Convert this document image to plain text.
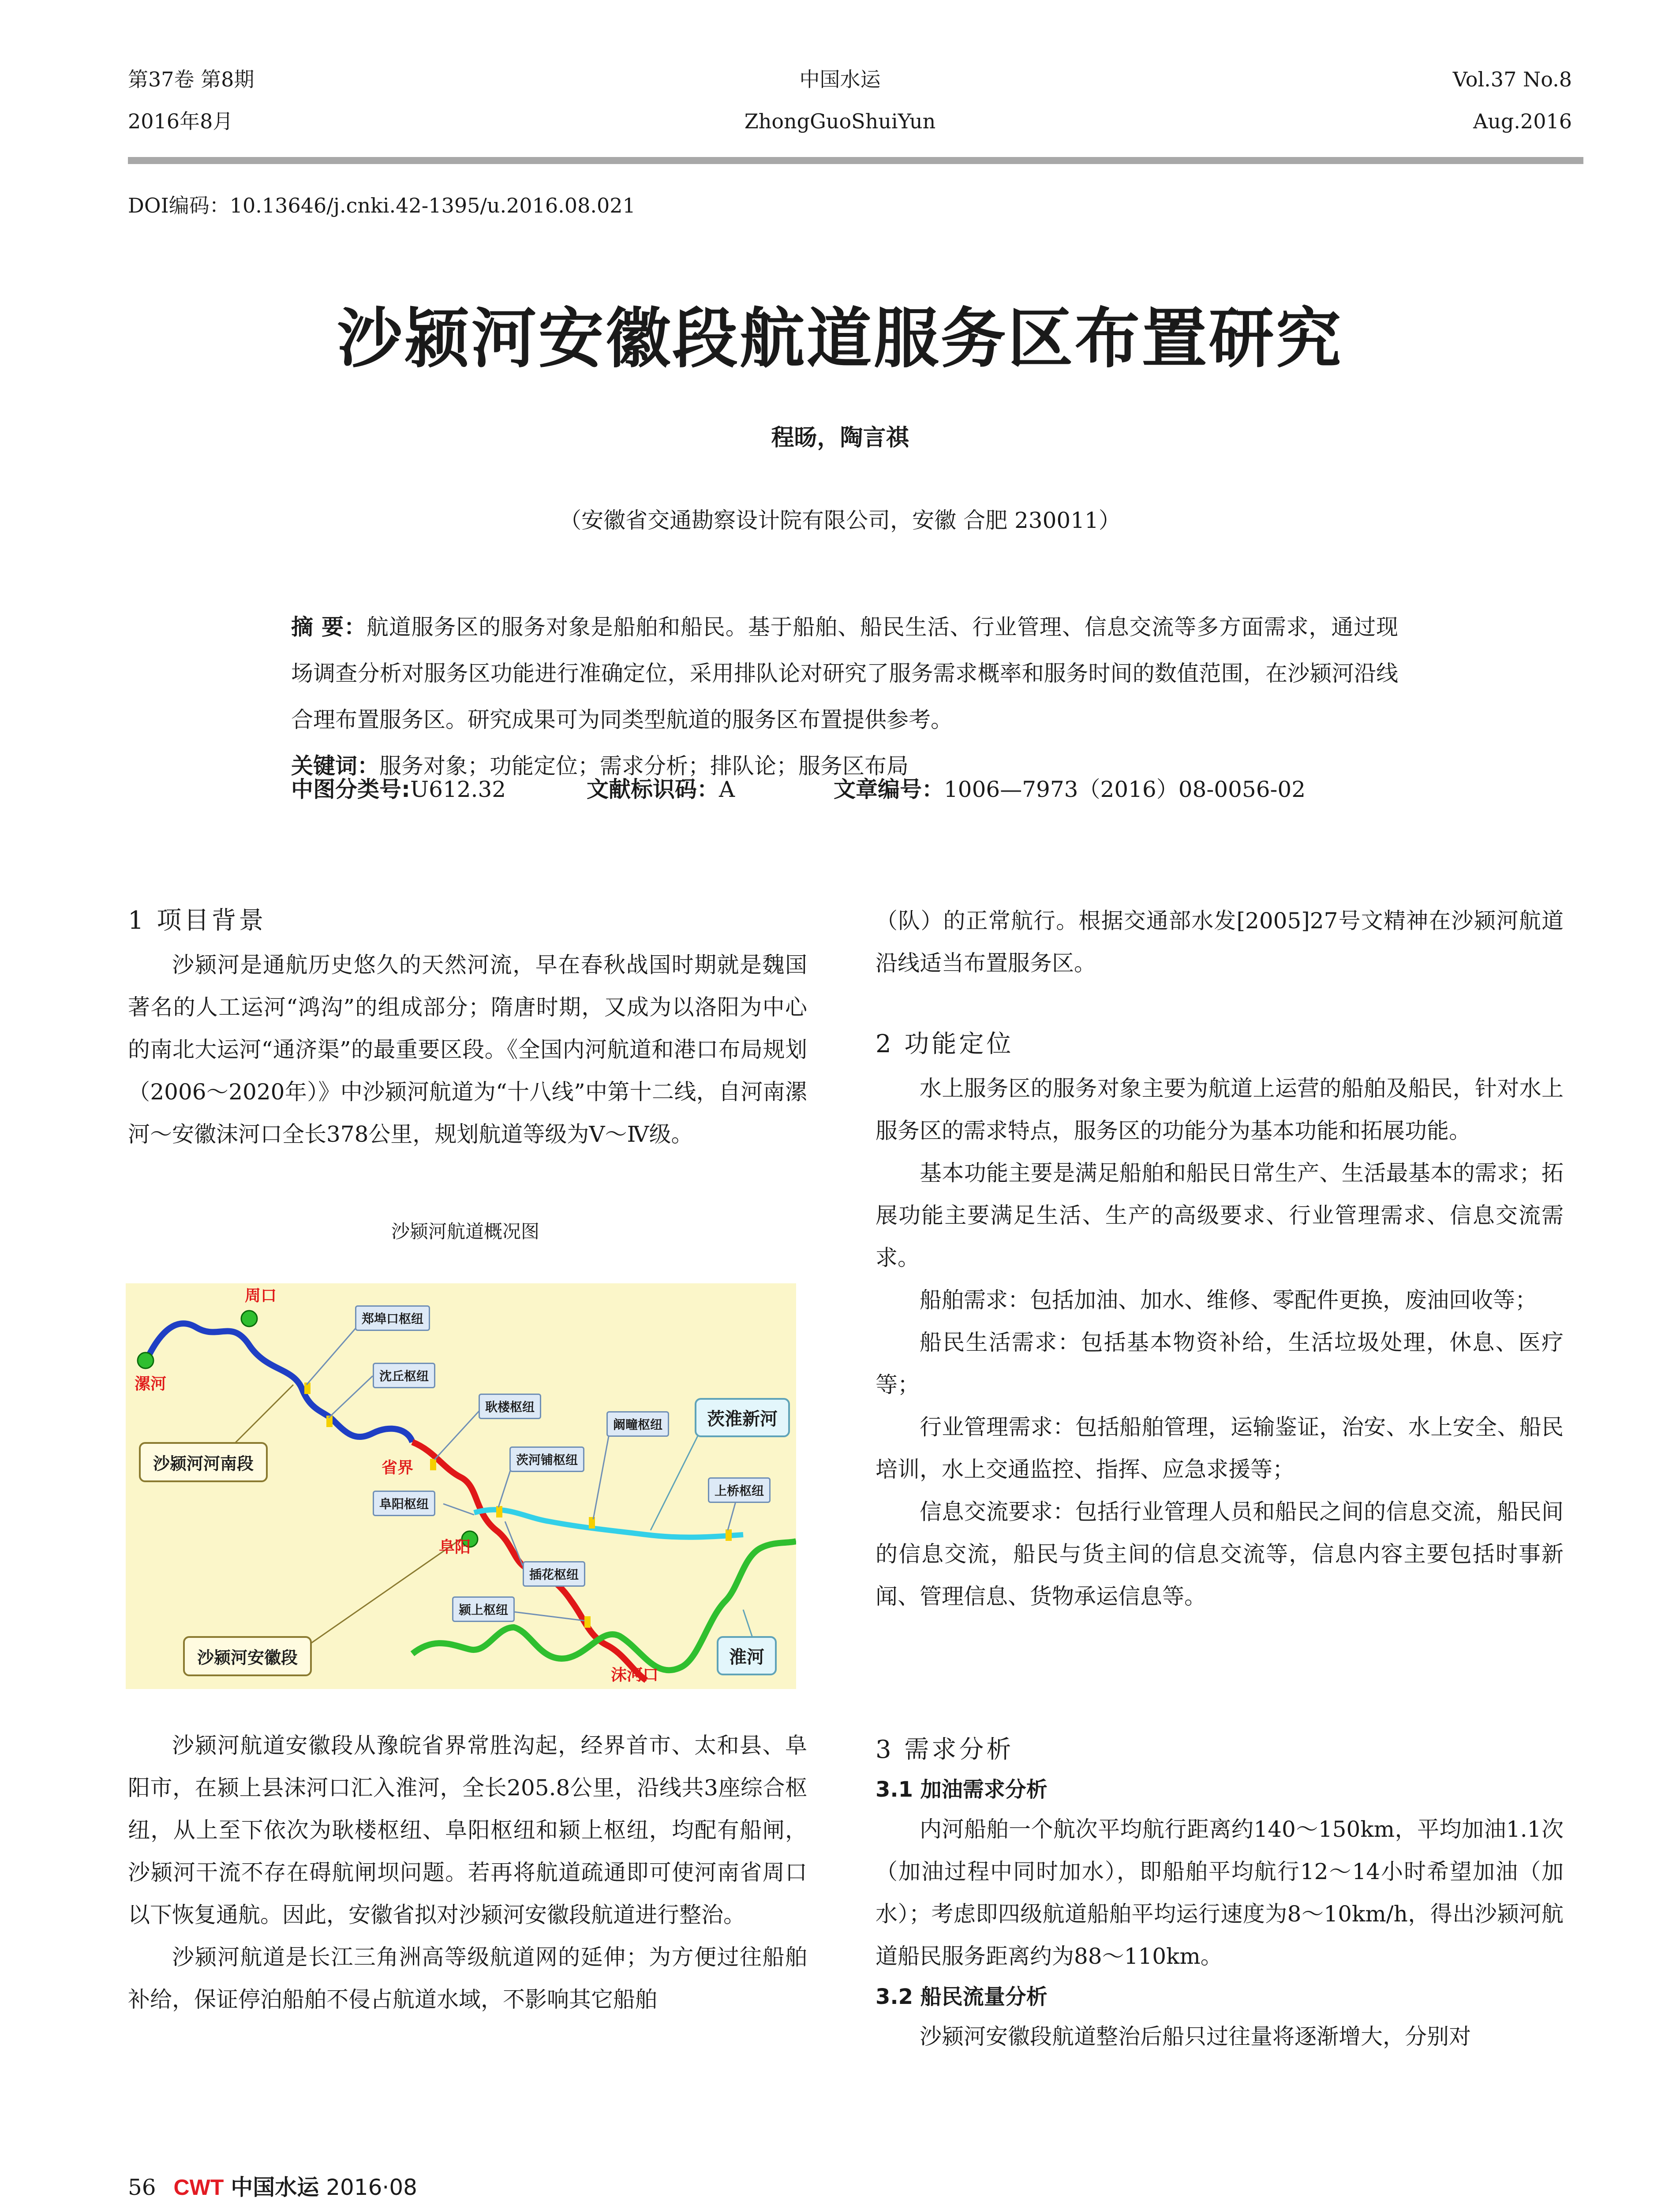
第37卷 第8期
2016年8月
中国水运
ZhongGuoShuiYun
Vol.37 No.8
Aug.2016
DOI编码：10.13646/j.cnki.42-1395/u.2016.08.021
沙颍河安徽段航道服务区布置研究
程旸，陶言祺
（安徽省交通勘察设计院有限公司，安徽 合肥 230011）

摘 要：航道服务区的服务对象是船舶和船民。基于船舶、船民生活、行业管理、信息交流等多方面需求，通过现场调查分析对服务区功能进行准确定位，采用排队论对研究了服务需求概率和服务时间的数值范围，在沙颍河沿线合理布置服务区。研究成果可为同类型航道的服务区布置提供参考。

关键词：服务对象；功能定位；需求分析；排队论；服务区布局

中图分类号:U612.32	文献标识码：A	文章编号：1006—7973（2016）08-0056-02
1 项目背景

沙颍河是通航历史悠久的天然河流，早在春秋战国时期就是魏国著名的人工运河“鸿沟”的组成部分；隋唐时期，又成为以洛阳为中心的南北大运河“通济渠”的最重要区段。《全国内河航道和港口布局规划（2006～2020年）》中沙颍河航道为“十八线”中第十二线，自河南漯河～安徽沫河口全长378公里，规划航道等级为Ⅴ～Ⅳ级。

沙颍河航道概况图
周口
漯河
省界
阜阳
沫河口
郑埠口枢纽
沈丘枢纽
耿楼枢纽
茨河铺枢纽
阚疃枢纽
上桥枢纽
阜阳枢纽
插花枢纽
颍上枢纽
沙颍河河南段
沙颍河安徽段
茨淮新河
淮河

沙颍河航道安徽段从豫皖省界常胜沟起，经界首市、太和县、阜阳市，在颍上县沫河口汇入淮河，全长205.8公里，沿线共3座综合枢纽，从上至下依次为耿楼枢纽、阜阳枢纽和颍上枢纽，均配有船闸，沙颍河干流不存在碍航闸坝问题。若再将航道疏通即可使河南省周口以下恢复通航。因此，安徽省拟对沙颍河安徽段航道进行整治。

沙颍河航道是长江三角洲高等级航道网的延伸；为方便过往船舶补给，保证停泊船舶不侵占航道水域，不影响其它船舶

（队）的正常航行。根据交通部水发[2005]27号文精神在沙颍河航道沿线适当布置服务区。

2 功能定位

水上服务区的服务对象主要为航道上运营的船舶及船民，针对水上服务区的需求特点，服务区的功能分为基本功能和拓展功能。

基本功能主要是满足船舶和船民日常生产、生活最基本的需求；拓展功能主要满足生活、生产的高级要求、行业管理需求、信息交流需求。

船舶需求：包括加油、加水、维修、零配件更换，废油回收等；

船民生活需求：包括基本物资补给，生活垃圾处理，休息、医疗等；

行业管理需求：包括船舶管理，运输鉴证，治安、水上安全、船民培训，水上交通监控、指挥、应急求援等；

信息交流要求：包括行业管理人员和船民之间的信息交流，船民间的信息交流，船民与货主间的信息交流等，信息内容主要包括时事新闻、管理信息、货物承运信息等。

3 需求分析
3.1 加油需求分析

内河船舶一个航次平均航行距离约140～150km，平均加油1.1次（加油过程中同时加水），即船舶平均航行12～14小时希望加油（加水）；考虑即四级航道船舶平均运行速度为8～10km/h，得出沙颍河航道船民服务距离约为88～110km。

3.2 船民流量分析

沙颍河安徽段航道整治后船只过往量将逐渐增大，分别对

56 CWT 中国水运 2016·08
